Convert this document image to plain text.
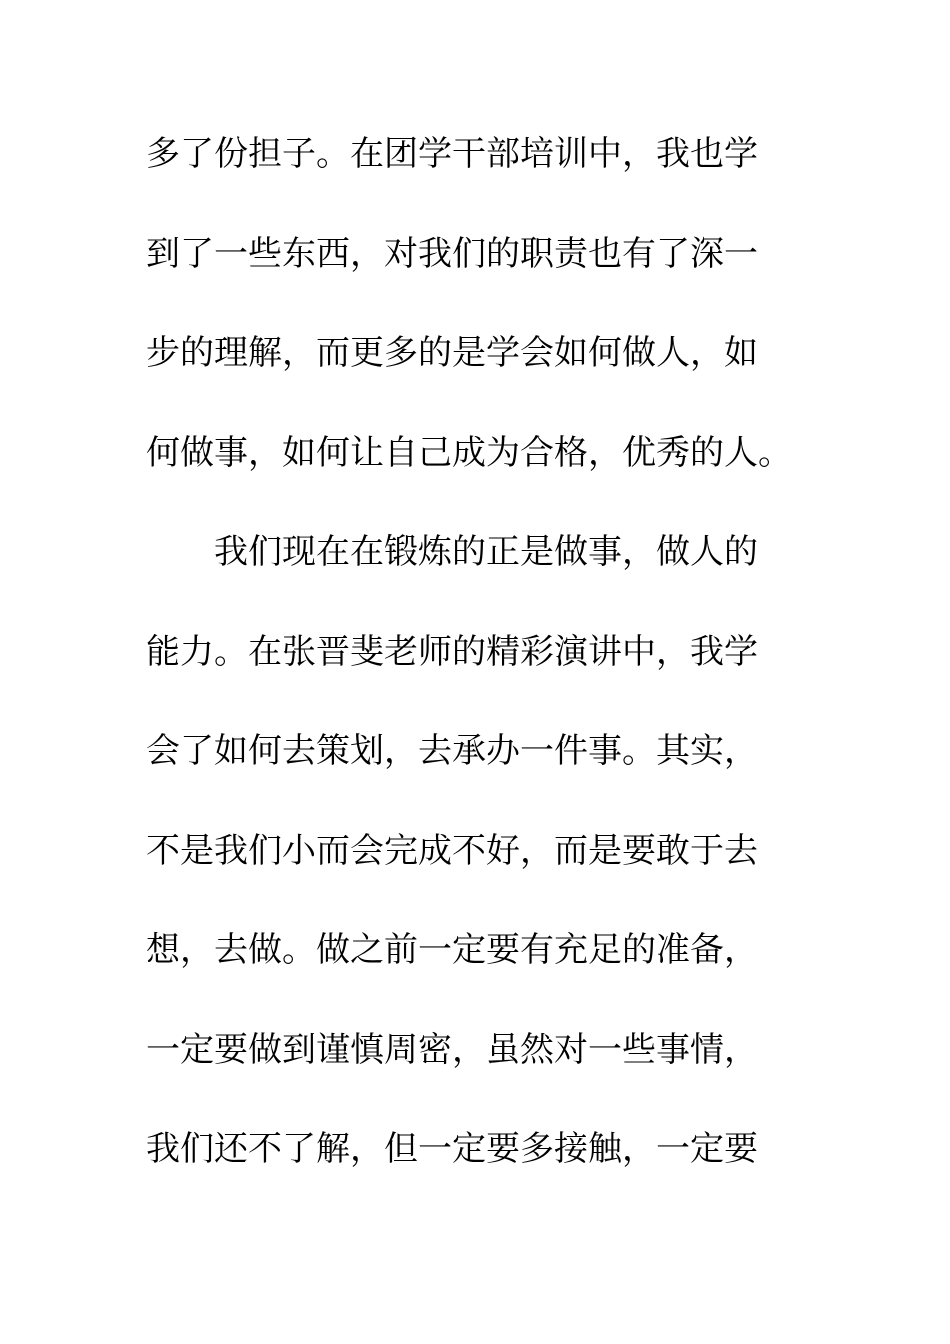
多了份担子。在团学干部培训中，我也学
到了一些东西，对我们的职责也有了深一
步的理解，而更多的是学会如何做人，如
何做事，如何让自己成为合格，优秀的人。
我们现在在锻炼的正是做事，做人的
能力。在张晋斐老师的精彩演讲中，我学
会了如何去策划，去承办一件事。其实，
不是我们小而会完成不好，而是要敢于去
想，去做。做之前一定要有充足的准备，
一定要做到谨慎周密，虽然对一些事情，
我们还不了解，但一定要多接触，一定要
